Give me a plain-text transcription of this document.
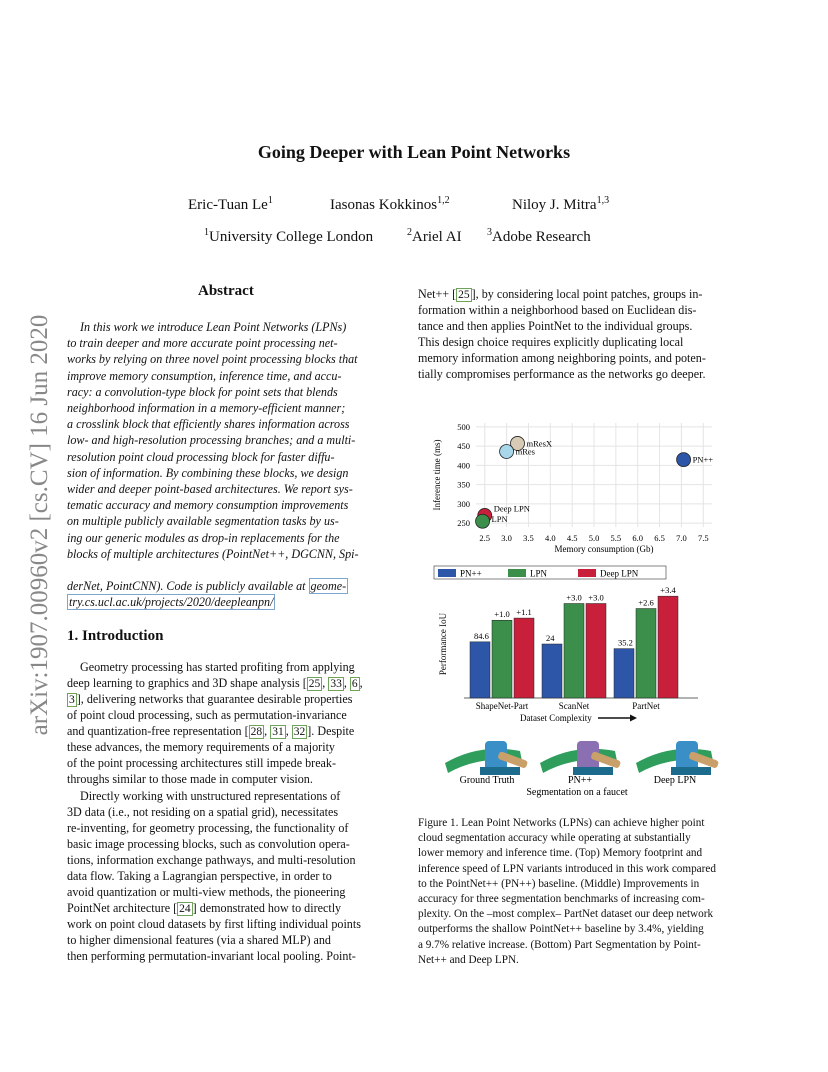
Going Deeper with Lean Point Networks
Eric-Tuan Le$^1$	Iasonas Kokkinos$^{1,2}$	Niloy J. Mitra$^{1,3}$
$^1$University College London	$^2$Ariel AI	$^3$Adobe Research
arXiv:1907.00960v2 [cs.CV] 16 Jun 2020
Abstract
In this work we introduce Lean Point Networks (LPNs)
to train deeper and more accurate point processing net-
works by relying on three novel point processing blocks that
improve memory consumption, inference time, and accu-
racy: a convolution-type block for point sets that blends
neighborhood information in a memory-efficient manner;
a crosslink block that efficiently shares information across
low- and high-resolution processing branches; and a multi-
resolution point cloud processing block for faster diffu-
sion of information. By combining these blocks, we design
wider and deeper point-based architectures. We report sys-
tematic accuracy and memory consumption improvements
on multiple publicly available segmentation tasks by us-
ing our generic modules as drop-in replacements for the
blocks of multiple architectures (PointNet++, DGCNN, Spi-
derNet, PointCNN). Code is publicly available at geome-
try.cs.ucl.ac.uk/projects/2020/deepleanpn/
1. Introduction
Geometry processing has started profiting from applying
deep learning to graphics and 3D shape analysis [ 25 , 33 , 6 ,
3 ], delivering networks that guarantee desirable properties
of point cloud processing, such as permutation-invariance
and quantization-free representation [ 28 , 31 , 32 ]. Despite
these advances, the memory requirements of a majority
of the point processing architectures still impede break-
throughs similar to those made in computer vision.
Directly working with unstructured representations of
3D data (i.e., not residing on a spatial grid), necessitates
re-inventing, for geometry processing, the functionality of
basic image processing blocks, such as convolution opera-
tions, information exchange pathways, and multi-resolution
data flow. Taking a Lagrangian perspective, in order to
avoid quantization or multi-view methods, the pioneering
PointNet architecture [ 24 ] demonstrated how to directly
work on point cloud datasets by first lifting individual points
to higher dimensional features (via a shared MLP) and
then performing permutation-invariant local pooling. Point-
Net++ [ 25 ], by considering local point patches, groups in-
formation within a neighborhood based on Euclidean dis-
tance and then applies PointNet to the individual groups.
This design choice requires explicitly duplicating local
memory information among neighboring points, and poten-
tially compromises performance as the networks go deeper.
2.5 3.0 3.5 4.0 4.5 5.0 5.5 6.0 6.5 7.0 7.5
250
300
350
400
450
500
Memory consumption (Gb)
Inference time (ms)	mResX
mRes
PN++
Deep LPN
LPN
PN++	LPN	Deep LPN
Performance IoU	84.6
+1.0 +1.1
ShapeNet-Part
24
+3.0 +3.0
ScanNet
35.2
+2.6
+3.4
PartNet
Dataset Complexity
Ground Truth	PN++	Deep LPN
Segmentation on a faucet
Figure 1. Lean Point Networks (LPNs) can achieve higher point
cloud segmentation accuracy while operating at substantially
lower memory and inference time. (Top) Memory footprint and
inference speed of LPN variants introduced in this work compared
to the PointNet++ (PN++) baseline. (Middle) Improvements in
accuracy for three segmentation benchmarks of increasing com-
plexity. On the –most complex– PartNet dataset our deep network
outperforms the shallow PointNet++ baseline by 3.4%, yielding
a 9.7% relative increase. (Bottom) Part Segmentation by Point-
Net++ and Deep LPN.
